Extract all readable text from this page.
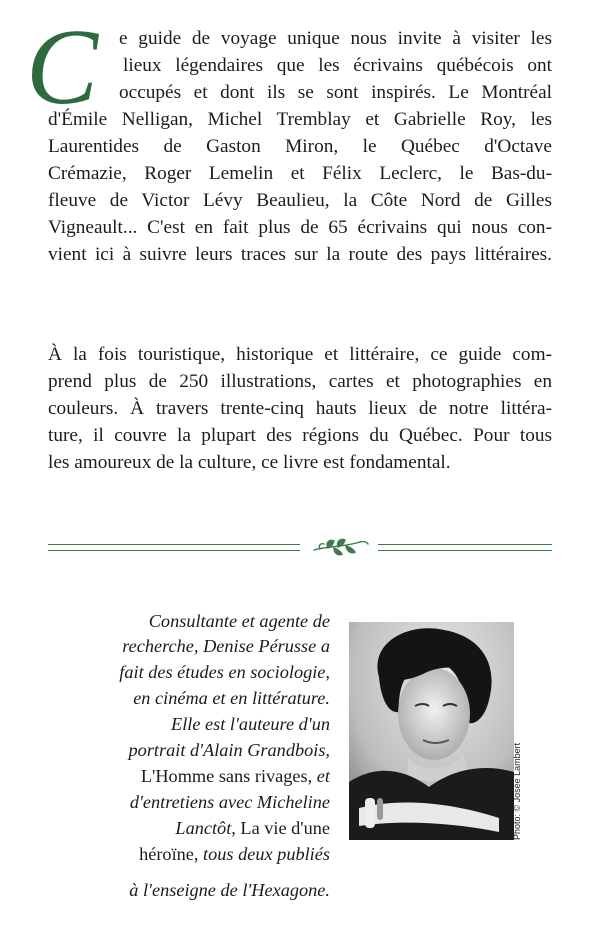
C e guide de voyage unique nous invite à visiter les
lieux légendaires que les écrivains québécois ont
occupés et dont ils se sont inspirés. Le Montréal
d'Émile Nelligan, Michel Tremblay et Gabrielle Roy, les
Laurentides de Gaston Miron, le Québec d'Octave
Crémazie, Roger Lemelin et Félix Leclerc, le Bas-du-
fleuve de Victor Lévy Beaulieu, la Côte Nord de Gilles
Vigneault... C'est en fait plus de 65 écrivains qui nous con-
vient ici à suivre leurs traces sur la route des pays littéraires.
À la fois touristique, historique et littéraire, ce guide com-
prend plus de 250 illustrations, cartes et photographies en
couleurs. À travers trente-cinq hauts lieux de notre littéra-
ture, il couvre la plupart des régions du Québec. Pour tous
les amoureux de la culture, ce livre est fondamental.
Consultante et agente de
recherche, Denise Pérusse a
fait des études en sociologie,
en cinéma et en littérature.
Elle est l'auteure d'un
portrait d'Alain Grandbois,
L'Homme sans rivages, et
d'entretiens avec Micheline
Lanctôt, La vie d'une
héroïne, tous deux publiés
à l'enseigne de l'Hexagone.
Photo: © Josée Lambert
